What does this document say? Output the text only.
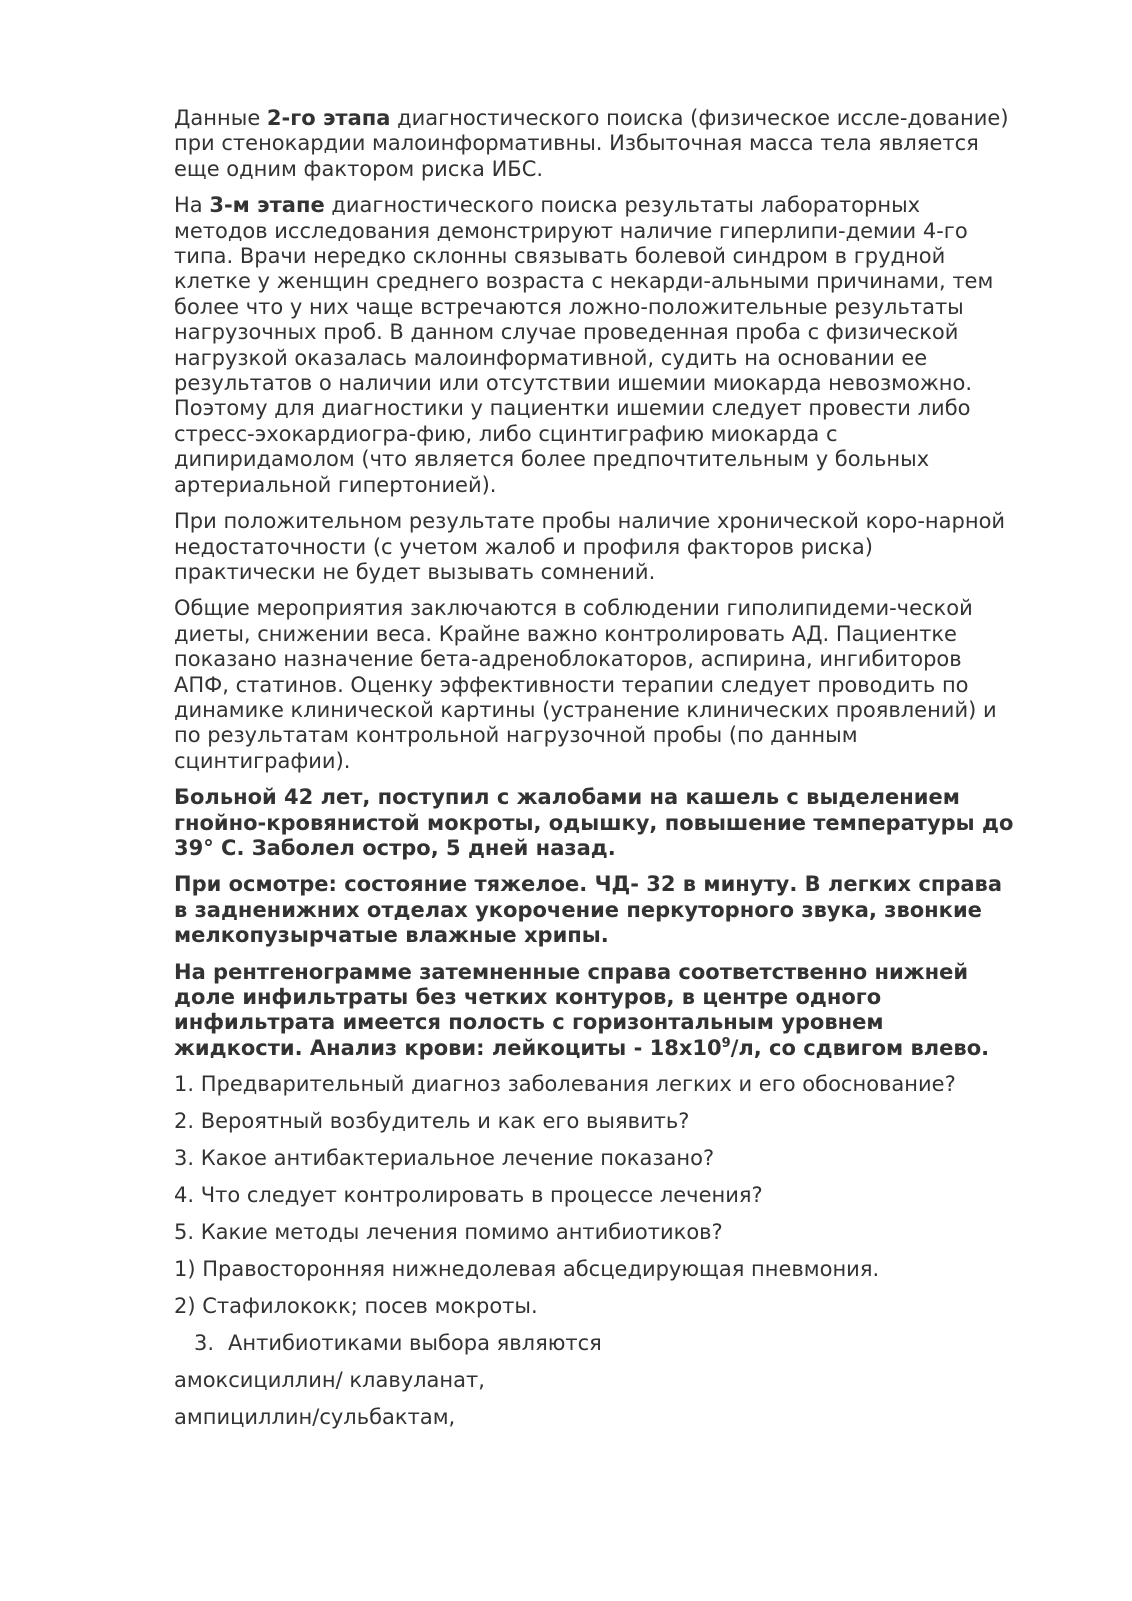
Данные 2-го этапа диагностического поиска (физическое иссле-дование) при стенокардии малоинформативны. Избыточная масса тела является еще одним фактором риска ИБС.

На 3-м этапе диагностического поиска результаты лабораторных методов исследования демонстрируют наличие гиперлипи-демии 4-го типа. Врачи нередко склонны связывать болевой синдром в грудной клетке у женщин среднего возраста с некарди-альными причинами, тем более что у них чаще встречаются ложно-положительные результаты нагрузочных проб. В данном случае проведенная проба с физической нагрузкой оказалась малоинформативной, судить на основании ее результатов о наличии или отсутствии ишемии миокарда невозможно. Поэтому для диагностики у пациентки ишемии следует провести либо стресс-эхокардиогра-фию, либо сцинтиграфию миокарда с дипиридамолом (что является более предпочтительным у больных артериальной гипертонией).

При положительном результате пробы наличие хронической коро-нарной недостаточности (с учетом жалоб и профиля факторов риска) практически не будет вызывать сомнений.

Общие мероприятия заключаются в соблюдении гиполипидеми-ческой диеты, снижении веса. Крайне важно контролировать АД. Пациентке показано назначение бета-адреноблокаторов, аспирина, ингибиторов АПФ, статинов. Оценку эффективности терапии следует проводить по динамике клинической картины (устранение клинических проявлений) и по результатам контрольной нагрузочной пробы (по данным сцинтиграфии).

Больной 42 лет, поступил с жалобами на кашель с выделением гнойно-кровянистой мокроты, одышку, повышение температуры до 39° С. Заболел остро, 5 дней назад.

При осмотре: состояние тяжелое. ЧД- 32 в минуту. В легких справа в задненижних отделах укорочение перкуторного звука, звонкие мелкопузырчатые влажные хрипы.

На рентгенограмме затемненные справа соответственно нижней доле инфильтраты без четких контуров, в центре одного инфильтрата имеется полость с горизонтальным уровнем жидкости. Анализ крови: лейкоциты - $18х10^9/л$, со сдвигом влево.

1. Предварительный диагноз заболевания легких и его обоснование?

2. Вероятный возбудитель и как его выявить?

3. Какое антибактериальное лечение показано?

4. Что следует контролировать в процессе лечения?

5. Какие методы лечения помимо антибиотиков?

1) Правосторонняя нижнедолевая абсцедирующая пневмония.

2) Стафилококк; посев мокроты.

3. Антибиотиками выбора являются

амоксициллин/ клавуланат,

ампициллин/сульбактам,
